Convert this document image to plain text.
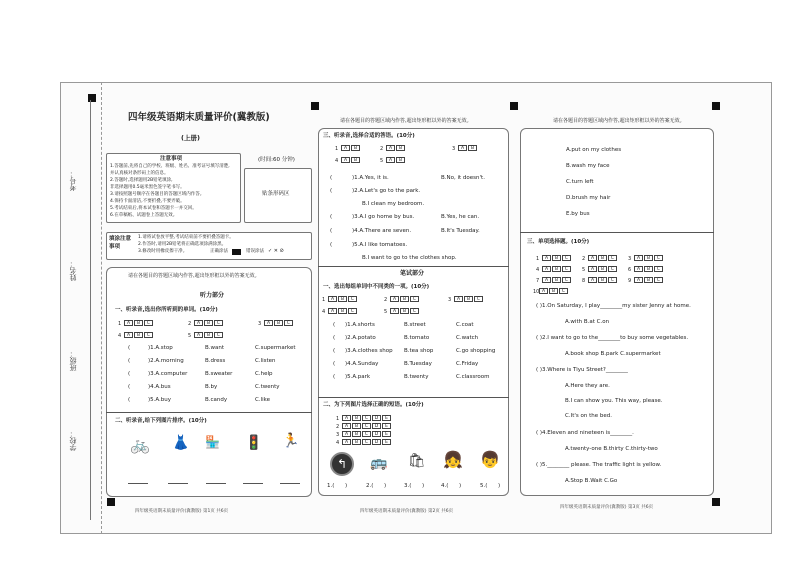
考号：
姓名：
班级：
学校：
四年级英语期末质量评价(冀教版)
(上册)
注意事项	(时间:60 分钟)
贴条形码区
填涂注意事项
1.请将试卷放平整,考试结束前不要折叠答题卡。
2.作答时,请用2B铅笔将正确选项涂满涂黑。
3.修改时用橡皮擦干净。	正确涂法	错误涂法 ✓ ✕ ⊘
请在各题目的答题区域内作答,超出矩形框以外的答案无效。
听力部分
一、听录音,选出你所听到的单词。(10分)
二、听录音,给下列图片排序。(10分)
🚲 👗 🏪 🚦 🏃
四年级英语期末质量评价(冀教版) 第1页 共6页
请在各题目的答题区域内作答,超出矩形框以外的答案无效。
三、听录音,选择合适的答语。(10分)
笔试部分
一、选出每组单词中不同类的一项。(10分)
二、为下列图片选择正确的短语。(10分)
↰ 🚌 🛍 👧 👦
四年级英语期末质量评价(冀教版) 第2页 共6页
请在各题目的答题区域内作答,超出矩形框以外的答案无效。
三、单项选择题。(10分)
四年级英语期末质量评价(冀教版) 第3页 共6页
1.答题前,先将自己的学校、班级、姓名、准考证号填写清楚,
并认真核对条形码上的信息。
2.答题时,选择题用2B铅笔填涂,
非选择题用0.5毫米黑色签字笔书写。
3.请按照题号顺序在各题目的答题区域内作答。
4.保持卡面清洁,不要折叠,不要弄破。
5.考试结束后,将本试卷和答题卡一并交回。
6.在草稿纸、试题卷上答题无效。
1 A B C	2 A B C	3 A B C
4 A B C	5 A B C
(	)1.A.stop	B.want	C.supermarket
(	)2.A.morning	B.dress	C.listen
(	)3.A.computer	B.sweater	C.help
(	)4.A.bus	B.by	C.twenty
(	)5.A.buy	B.candy	C.like
1 A B	2 A B	3 A B
4 A B	5 A B
(	)1.A.Yes, it is.	B.No, it doesn't.
(	)2.A.Let's go to the park.
B.I clean my bedroom.
(	)3.A.I go home by bus.	B.Yes, he can.
(	)4.A.There are seven.	B.It's Tuesday.
(	)5.A.I like tomatoes.
B.I want to go to the clothes shop.
1 A B C	2 A B C	3 A B C
4 A B C	5 A B C
( )1.A.shorts	B.street	C.coat
( )2.A.potato	B.tomato	C.watch
( )3.A.clothes shop B.tea shop	C.go shopping
( )4.A.Sunday	B.Tuesday	C.Friday
( )5.A.park	B.twenty	C.classroom
1 A B C D E
2 A B C D E
3 A B C D E
4 A B C D E
1.( )	2.( )	3.( )	4.( )	5.( )
A.put on my clothes
B.wash my face
C.turn left
D.brush my hair
E.by bus
1 A B C	2 A B C	3 A B C
4 A B C	5 A B C	6 A B C
7 A B C	8 A B C	9 A B C
10 A B C
( )1.On Saturday, I play________my sister Jenny at home.
A.with B.at C.on
( )2.I want to go to the________to buy some vegetables.
A.book shop B.park C.supermarket
( )3.Where is Tiyu Street?________
A.Here they are.
B.I can show you. This way, please.
C.It's on the bed.
( )4.Eleven and nineteen is________.
A.twenty-one B.thirty C.thirty-two
( )5.________ please. The traffic light is yellow.
A.Stop B.Wait C.Go
